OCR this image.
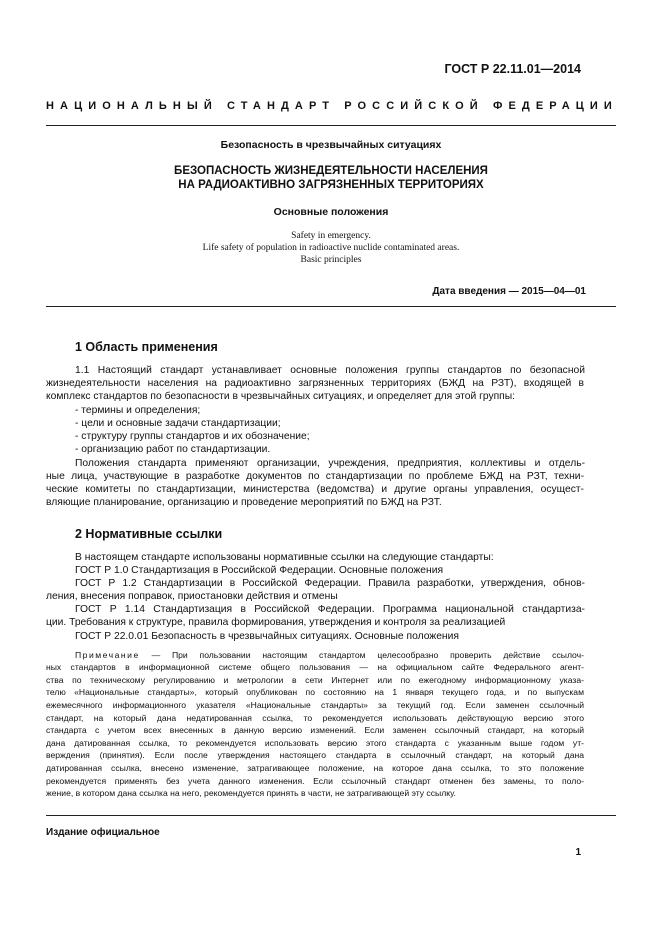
ГОСТ Р 22.11.01—2014
НАЦИОНАЛЬНЫЙ СТАНДАРТ РОССИЙСКОЙ ФЕДЕРАЦИИ
Безопасность в чрезвычайных ситуациях
БЕЗОПАСНОСТЬ ЖИЗНЕДЕЯТЕЛЬНОСТИ НАСЕЛЕНИЯ
НА РАДИОАКТИВНО ЗАГРЯЗНЕННЫХ ТЕРРИТОРИЯХ
Основные положения
Safety in emergency.
Life safety of population in radioactive nuclide contaminated areas.
Basic principles
Дата введения — 2015—04—01
1 Область применения
1.1 Настоящий стандарт устанавливает основные положения группы стандартов по безопасной
жизнедеятельности населения на радиоактивно загрязненных территориях (БЖД на РЗТ), входящей в
комплекс стандартов по безопасности в чрезвычайных ситуациях, и определяет для этой группы:
- термины и определения;
- цели и основные задачи стандартизации;
- структуру группы стандартов и их обозначение;
- организацию работ по стандартизации.
Положения стандарта применяют организации, учреждения, предприятия, коллективы и отдель-
ные лица, участвующие в разработке документов по стандартизации по проблеме БЖД на РЗТ, техни-
ческие комитеты по стандартизации, министерства (ведомства) и другие органы управления, осущест-
вляющие планирование, организацию и проведение мероприятий по БЖД на РЗТ.
2 Нормативные ссылки
В настоящем стандарте использованы нормативные ссылки на следующие стандарты:
ГОСТ Р 1.0 Стандартизация в Российской Федерации. Основные положения
ГОСТ Р 1.2 Стандартизации в Российской Федерации. Правила разработки, утверждения, обнов-
ления, внесения поправок, приостановки действия и отмены
ГОСТ Р 1.14 Стандартизация в Российской Федерации. Программа национальной стандартиза-
ции. Требования к структуре, правила формирования, утверждения и контроля за реализацией
ГОСТ Р 22.0.01 Безопасность в чрезвычайных ситуациях. Основные положения
Примечание — При пользовании настоящим стандартом целесообразно проверить действие ссылоч-
ных стандартов в информационной системе общего пользования — на официальном сайте Федерального агент-
ства по техническому регулированию и метрологии в сети Интернет или по ежегодному информационному указа-
телю «Национальные стандарты», который опубликован по состоянию на 1 января текущего года, и по выпускам
ежемесячного информационного указателя «Национальные стандарты» за текущий год. Если заменен ссылочный
стандарт, на который дана недатированная ссылка, то рекомендуется использовать действующую версию этого
стандарта с учетом всех внесенных в данную версию изменений. Если заменен ссылочный стандарт, на который
дана датированная ссылка, то рекомендуется использовать версию этого стандарта с указанным выше годом ут-
верждения (принятия). Если после утверждения настоящего стандарта в ссылочный стандарт, на который дана
датированная ссылка, внесено изменение, затрагивающее положение, на которое дана ссылка, то это положение
рекомендуется применять без учета данного изменения. Если ссылочный стандарт отменен без замены, то поло-
жение, в котором дана ссылка на него, рекомендуется принять в части, не затрагивающей эту ссылку.
Издание официальное
1
